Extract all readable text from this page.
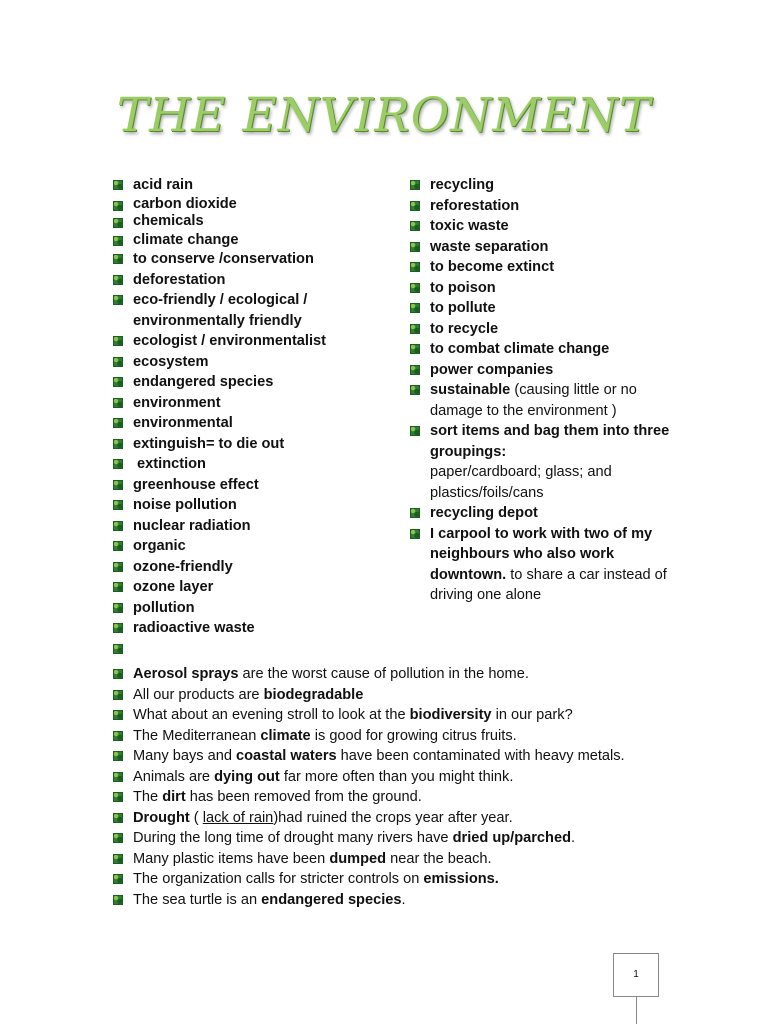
THE ENVIRONMENT
acid rain
carbon dioxide
chemicals
climate change
to conserve /conservation
deforestation
eco-friendly / ecological /
environmentally friendly
ecologist / environmentalist
ecosystem
endangered species
environment
environmental
extinguish= to die out
extinction
greenhouse effect
noise pollution
nuclear radiation
organic
ozone-friendly
ozone layer
pollution
radioactive waste

recycling
reforestation
toxic waste
waste separation
to become extinct
to poison
to pollute
to recycle
to combat climate change
power companies
sustainable (causing little or no damage to the environment )
sort items and bag them into three groupings:
paper/cardboard; glass; and plastics/foils/cans
recycling depot
I carpool to work with two of my neighbours who also work downtown. to share a car instead of driving one alone
Aerosol sprays are the worst cause of pollution in the home.
All our products are biodegradable
What about an evening stroll to look at the biodiversity in our park?
The Mediterranean climate is good for growing citrus fruits.
Many bays and coastal waters have been contaminated with heavy metals.
Animals are dying out far more often than you might think.
The dirt has been removed from the ground.
Drought ( lack of rain)had ruined the crops year after year.
During the long time of drought many rivers have dried up/parched.
Many plastic items have been dumped near the beach.
The organization calls for stricter controls on emissions.
The sea turtle is an endangered species.
1
